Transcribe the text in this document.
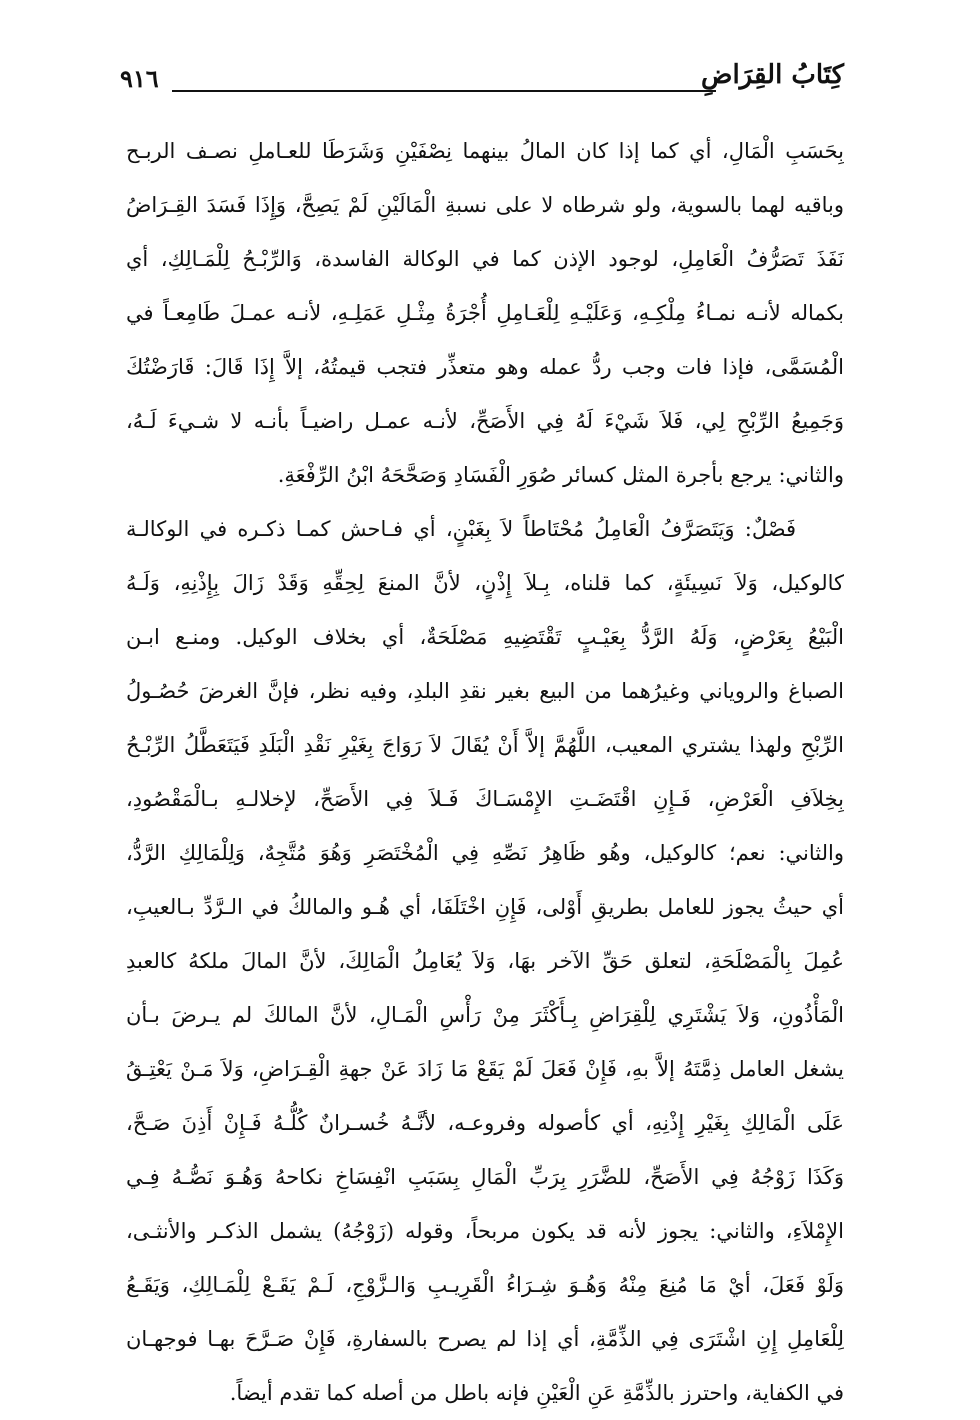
٩١٦	كِتَابُ القِرَاضِ
بِحَسَبِ الْمَالِ، أي كما إذا كان المالُ بينهما نِصْفَيْنِ وَشَرَطَا للعـاملِ نصـف الربـح
وباقيه لهما بالسوية، ولو شرطاه لا على نسبةِ الْمَالَيْنِ لَمْ يَصِحَّ، وَإِذَا فَسَدَ القِـرَاضُ
نَفَذَ تَصَرُّفُ الْعَامِلِ، لوجود الإذن كما في الوكالة الفاسدة، وَالرِّبْـحُ لِلْمَـالِكِ، أي
بكماله لأنـه نمـاءُ مِلْكِـهِ، وَعَلَيْـهِ لِلْعَـامِلِ أُجْرَةُ مِثْـلِ عَمَلِـهِ، لأنـه عمـلَ طَامِعـاً في
الْمُسَمَّى، فإذا فات وجب ردُّ عمله وهو متعذِّر فتجب قيمتُهُ، إلاَّ إِذَا قَالَ: قَارَضْتُكَ
وَجَمِيعُ الرِّبْحِ لِي، فَلاَ شَيْءَ لَهُ فِي الأَصَحِّ، لأنـه عمـل راضيـاً بأنـه لا شـيءَ لَـهُ،
والثاني: يرجع بأجرة المثل كسائر صُوَرِ الْفَسَادِ وَصَحَّحَهُ ابْنُ الرِّفْعَةِ.
فَصْلٌ: وَيَتَصَرَّفُ الْعَامِلُ مُحْتَاطاً لاَ بِغَبْنٍ، أي فـاحش كمـا ذكـره في الوكالـة
كالوكيل، وَلاَ نَسِيئَةٍ، كما قلناه، بِـلاَ إِذْنٍ، لأنَّ المنعَ لِحِقِّهِ وَقَدْ زَالَ بِإِذْنِهِ، وَلَـهُ
الْبَيْعُ بِعَرْضٍ، وَلَهُ الرَّدُّ بِعَيْـبٍ تَقْتَضِيهِ مَصْلَحَةٌ، أي بخلاف الوكيل. ومنـع ابـن
الصباغ والروياني وغيرُهما من البيع بغير نقدِ البلدِ، وفيه نظر، فإنَّ الغرضَ حُصُـولُ
الرِّبْحِ ولهذا يشتري المعيب، اللَّهُمَّ إلاَّ أَنْ يُقَالَ لاَ رَوَاجَ بِغَيْرِ نَقْدِ الْبَلَدِ فَيَتَعَطَّلُ الرِّبْـحُ
بِخِلاَفِ الْعَرْضِ، فَـإِنِ اقْتَضَـتِ الإِمْسَـاكَ فَـلاَ فِي الأَصَحِّ، لإخلالـهِ بـالْمَقْصُودِ،
والثاني: نعم؛ كالوكيل، وهُو ظَاهِرُ نَصِّهِ فِي الْمُخْتَصَرِ وَهُوَ مُتَّجِهٌ، وَلِلْمَالِكِ الرَّدُّ،
أي حيثُ يجوز للعامل بطريقِ أَوْلى، فَإِنِ اخْتَلَفَا، أي هُـو والمالكُ في الـرَّدِّ بـالعيبِ،
عُمِلَ بِالْمَصْلَحَةِ، لتعلق حَقِّ الآخر بهَا، وَلاَ يُعَامِلُ الْمَالِكَ، لأنَّ المالَ ملكهُ كالعبدِ
الْمَأْذُونِ، وَلاَ يَشْتَرِي لِلْقِرَاضِ بِـأَكْثَرَ مِنْ رَأْسِ الْمَـالِ، لأنَّ المالكَ لم يـرضَ بـأن
يشغل العامل ذِمَّتَهُ إلاَّ بهِ، فَإِنْ فَعَلَ لَمْ يَقَعْ مَا زَادَ عَنْ جهةِ الْقِـرَاضِ، وَلاَ مَـنْ يَعْتِـقُ
عَلَى الْمَالِكِ بِغَيْرِ إِذْنِهِ، أي كأصوله وفروعـه، لأنَّـهُ خُسـرانٌ كُلُّـهُ فَـإِنْ أَذِنَ صَـحَّ،
وَكَذَا زَوْجُهُ فِي الأَصَحِّ، للضَّرَرِ بِرَبِّ الْمَالِ بِسَبَبِ انْفِسَاخِ نكاحهُ وَهُـوَ نَصُّـهُ فِـي
الإِمْلاَءِ، والثاني: يجوز لأنه قد يكون مربحاً، وقوله (زَوْجُهُ) يشمل الذكـر والأنثـى،
وَلَوْ فَعَلَ، أيْ مَا مُنِعَ مِنْهُ وَهُـوَ شِـرَاءُ الْقَرِيـبِ وَالـزَّوْجِ، لَـمْ يَقَـعْ لِلْمَـالِكِ، وَيَقَـعُ
لِلْعَامِلِ إِنِ اشْتَرَى فِي الذِّمَّةِ، أي إذا لم يصرح بالسفارةِ، فَإِنْ صَـرَّحَ بهـا فوجهـان
في الكفاية، واحترز بالذِّمَّةِ عَنِ الْعَيْنِ فإنه باطل من أصله كما تقدم أيضاً.
